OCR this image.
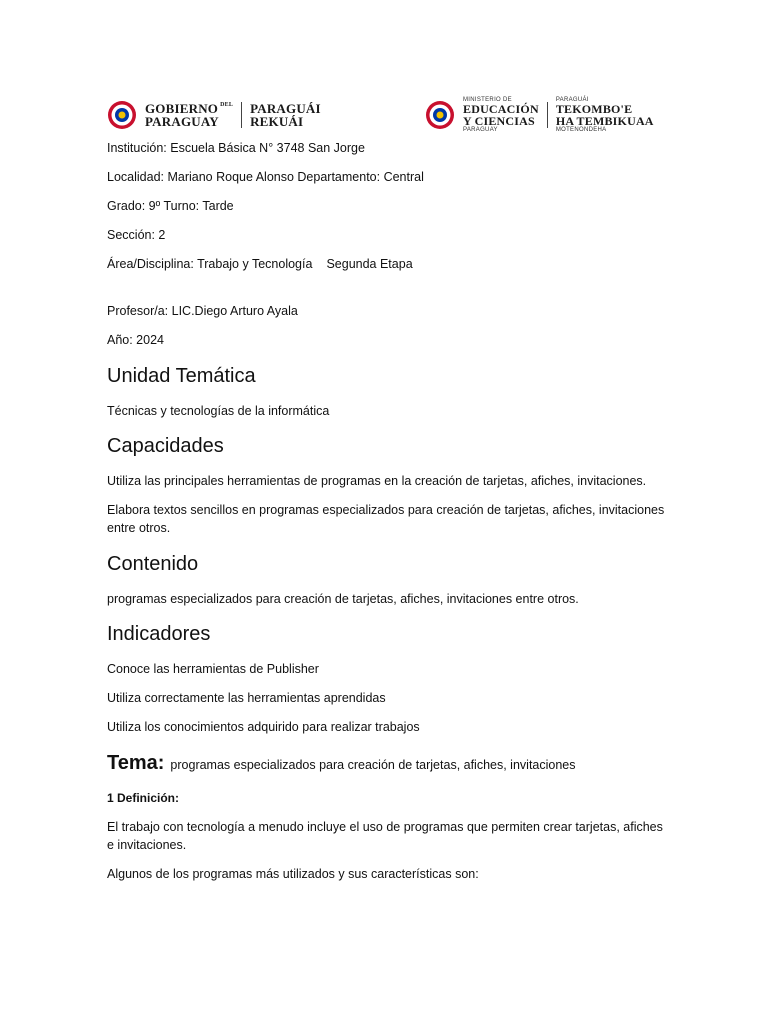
GOBIERNO $^{DEL}$
PARAGUAY
PARAGUÁI
REKUÁI
MINISTERIO DE
EDUCACIÓN
Y CIENCIAS
PARAGUAY
PARAGUÁI
TEKOMBO'E
HA TEMBIKUAA
MOTENONDEHA
Institución: Escuela Básica N° 3748 San Jorge
Localidad: Mariano Roque Alonso Departamento: Central
Grado: 9º Turno: Tarde
Sección: 2
Área/Disciplina: Trabajo y Tecnología Segunda Etapa
Profesor/a: LIC.Diego Arturo Ayala
Año: 2024
Unidad Temática
Técnicas y tecnologías de la informática
Capacidades
Utiliza las principales herramientas de programas en la creación de tarjetas, afiches, invitaciones.
Elabora textos sencillos en programas especializados para creación de tarjetas, afiches, invitaciones entre otros.
Contenido
programas especializados para creación de tarjetas, afiches, invitaciones entre otros.
Indicadores
Conoce las herramientas de Publisher
Utiliza correctamente las herramientas aprendidas
Utiliza los conocimientos adquirido para realizar trabajos
Tema: programas especializados para creación de tarjetas, afiches, invitaciones
1 Definición:
El trabajo con tecnología a menudo incluye el uso de programas que permiten crear tarjetas, afiches e invitaciones.
Algunos de los programas más utilizados y sus características son:
